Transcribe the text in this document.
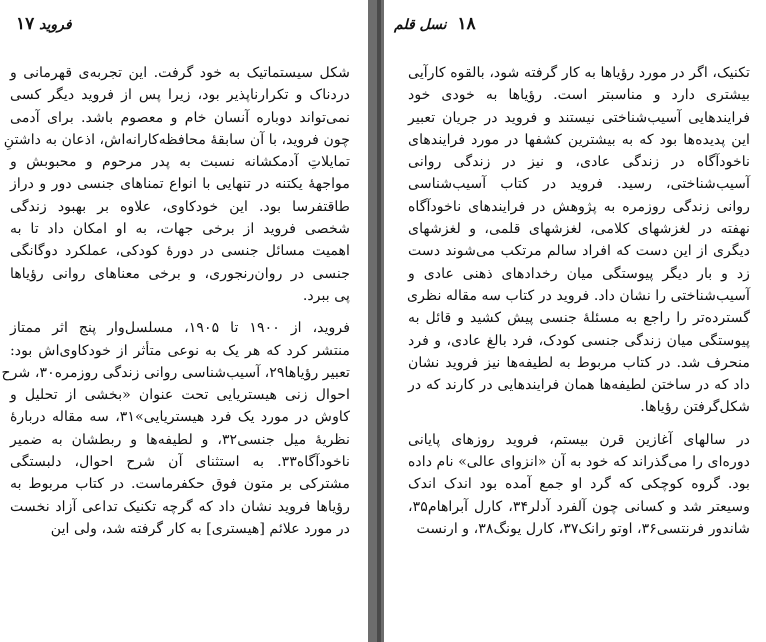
فروید ۱۷
شکل سیستماتیک به خود گرفت. این تجربه‌ی قهرمانی و
دردناک و تکرارناپذیر بود، زیرا پس از فروید دیگر کسی
نمی‌تواند دوباره آنسان خام و معصوم باشد. برای آدمی
چون فروید، با آن سابقهٔ محافظه‌کارانه‌اش، اذعان به داشتنِ
تمایلاتِ آدمکشانه نسبت به پدر مرحوم و محبوبش و
مواجههٔ یکتنه در تنهایی با انواع تمناهای جنسی دور و دراز
طاقتفرسا بود. این خودکاوی، علاوه بر بهبود زندگی
شخصی فروید از برخی جهات، به او امکان داد تا به
اهمیت مسائل جنسی در دورهٔ کودکی، عملکرد دوگانگی
جنسی در روان‌رنجوری، و برخی معناهای روانی رؤیاها
پی ببرد.
فروید، از ۱۹۰۰ تا ۱۹۰۵، مسلسل‌وار پنج اثر ممتاز
منتشر کرد که هر یک به نوعی متأثر از خودکاوی‌اش بود:
تعبیر رؤیاها۲۹، آسیب‌شناسی روانی زندگی روزمره۳۰، شرح
احوال زنی هیستریایی تحت عنوان «بخشی از تحلیل و
کاوش در مورد یک فرد هیستریایی»۳۱، سه مقاله دربارهٔ
نظریهٔ میل جنسی۳۲، و لطیفه‌ها و ربطشان به ضمیر
ناخودآگاه۳۳. به استثنای آن شرح احوال، دلبستگی
مشترکی بر متون فوق حکفرماست. در کتاب مربوط به
رؤیاها فروید نشان داد که گرچه تکنیک تداعی آزاد نخست
در مورد علائم [هیستری] به کار گرفته شد، ولی این
۱۸ نسل قلم
تکنیک، اگر در مورد رؤیاها به کار گرفته شود، بالقوه کارآیی
بیشتری دارد و مناسبتر است. رؤیاها به خودی خود
فرایندهایی آسیب‌شناختی نیستند و فروید در جریان تعبیر
این پدیده‌ها بود که به بیشترین کشفها در مورد فرایندهای
ناخودآگاه در زندگی عادی، و نیز در زندگی روانی
آسیب‌شناختی، رسید. فروید در کتاب آسیب‌شناسی
روانی زندگی روزمره به پژوهش در فرایندهای ناخودآگاه
نهفته در لغزشهای کلامی، لغزشهای قلمی، و لغزشهای
دیگری از این دست که افراد سالم مرتکب می‌شوند دست
زد و بار دیگر پیوستگی میان رخدادهای ذهنی عادی و
آسیب‌شناختی را نشان داد. فروید در کتاب سه مقاله نظری
گسترده‌تر را راجع به مسئلهٔ جنسی پیش کشید و قائل به
پیوستگی میان زندگی جنسی کودک، فرد بالغ عادی، و فرد
منحرف شد. در کتاب مربوط به لطیفه‌ها نیز فروید نشان
داد که در ساختن لطیفه‌ها همان فرایندهایی در کارند که در
شکل‌گرفتن رؤیاها.
در سالهای آغازین قرن بیستم، فروید روزهای پایانی
دوره‌ای را می‌گذراند که خود به آن «انزوای عالی» نام داده
بود. گروه کوچکی که گرد او جمع آمده بود اندک اندک
وسیعتر شد و کسانی چون آلفرد آدلر۳۴، کارل آبراهام۳۵،
شاندور فرنتسی۳۶، اوتو رانک۳۷، کارل یونگ۳۸، و ارنست
